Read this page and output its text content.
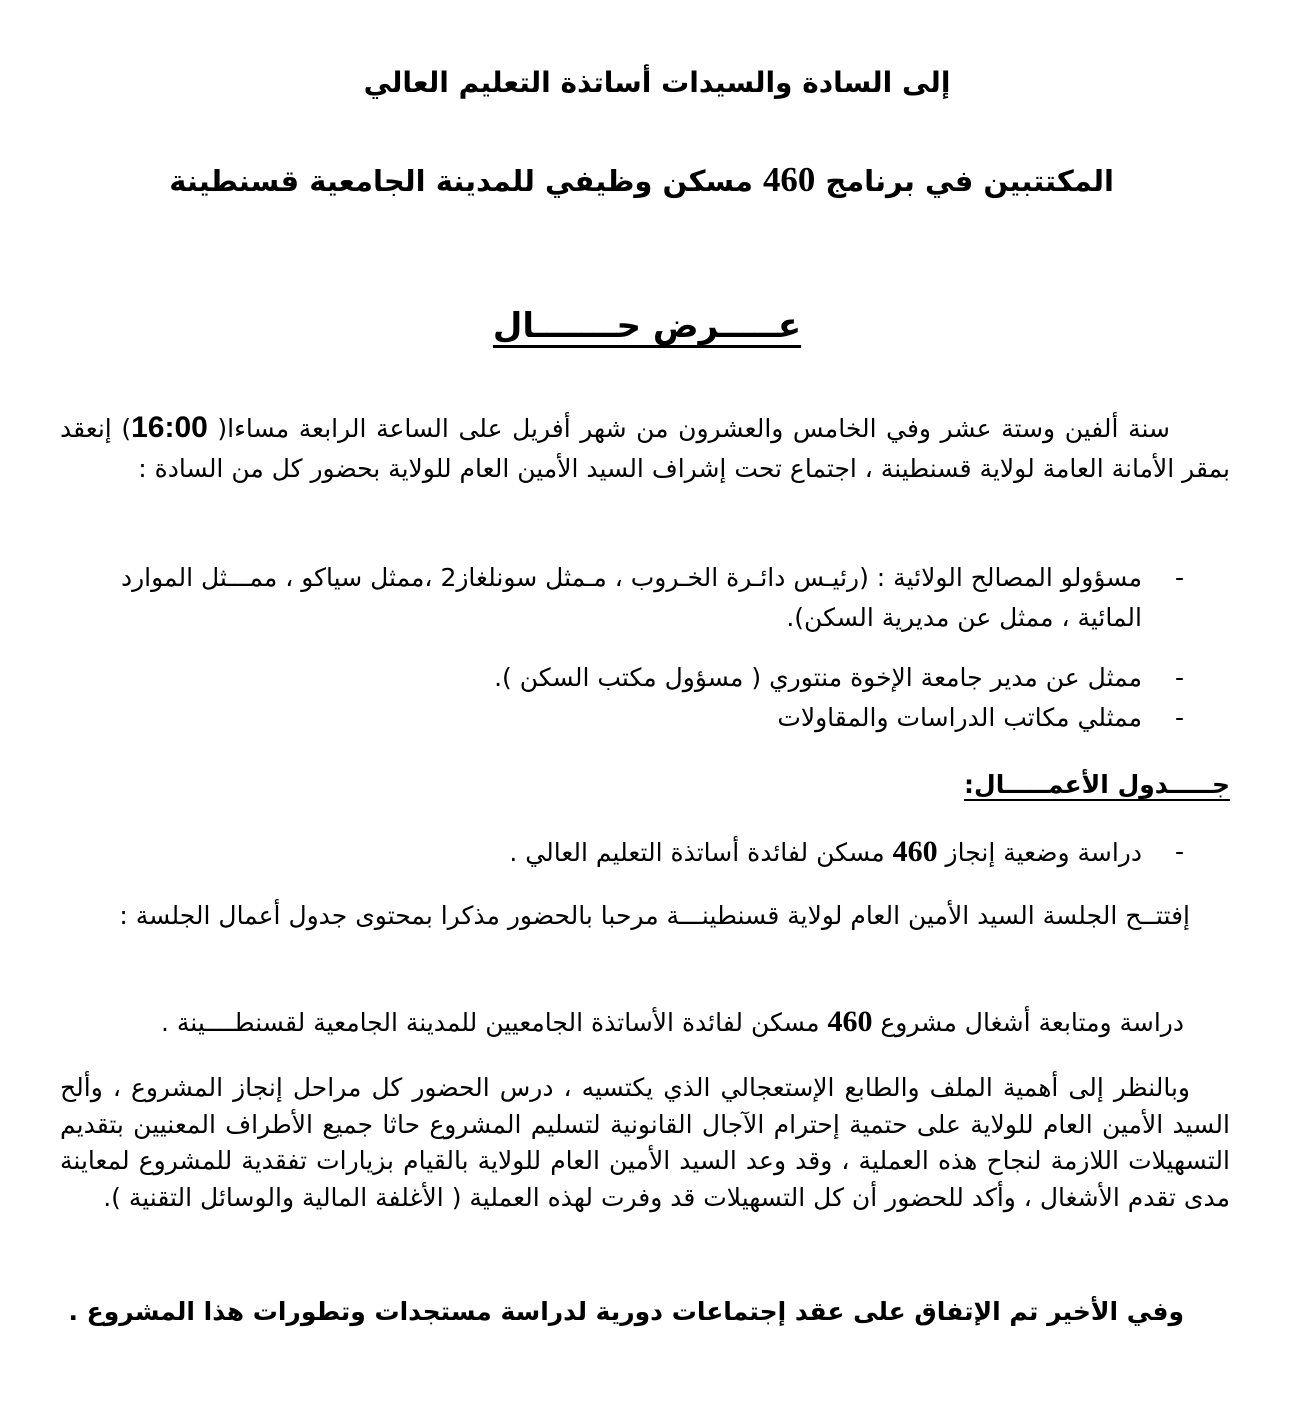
إلى السادة والسيدات أساتذة التعليم العالي
المكتتبين في برنامج 460 مسكن وظيفي للمدينة الجامعية قسنطينة
عـــــرض حـــــــال

سنة ألفين وستة عشر وفي الخامس والعشرون من شهر أفريل على الساعة الرابعة مساءا( 16:00) إنعقد بمقر الأمانة العامة لولاية قسنطينة ، اجتماع تحت إشراف السيد الأمين العام للولاية بحضور كل من السادة :

-
مسؤولو المصالح الولائية : (رئيـس دائـرة الخـروب ، مـمثل سونلغاز2 ،ممثل سياكو ، ممـــثل الموارد المائية ، ممثل عن مديرية السكن).
-
ممثل عن مدير جامعة الإخوة منتوري ( مسؤول مكتب السكن ).
-
ممثلي مكاتب الدراسات والمقاولات
جـــــدول الأعمـــــال:
-
دراسة وضعية إنجاز 460 مسكن لفائدة أساتذة التعليم العالي .

إفتتــح الجلسة السيد الأمين العام لولاية قسنطينـــة مرحبا بالحضور مذكرا بمحتوى جدول أعمال الجلسة :

دراسة ومتابعة أشغال مشروع 460 مسكن لفائدة الأساتذة الجامعيين للمدينة الجامعية لقسنطــــينة .

وبالنظر إلى أهمية الملف والطابع الإستعجالي الذي يكتسيه ، درس الحضور كل مراحل إنجاز المشروع ، وألح السيد الأمين العام للولاية على حتمية إحترام الآجال القانونية لتسليم المشروع حاثا جميع الأطراف المعنيين بتقديم التسهيلات اللازمة لنجاح هذه العملية ، وقد وعد السيد الأمين العام للولاية بالقيام بزيارات تفقدية للمشروع لمعاينة مدى تقدم الأشغال ، وأكد للحضور أن كل التسهيلات قد وفرت لهذه العملية ( الأغلفة المالية والوسائل التقنية ).

وفي الأخير تم الإتفاق على عقد إجتماعات دورية لدراسة مستجدات وتطورات هذا المشروع .
